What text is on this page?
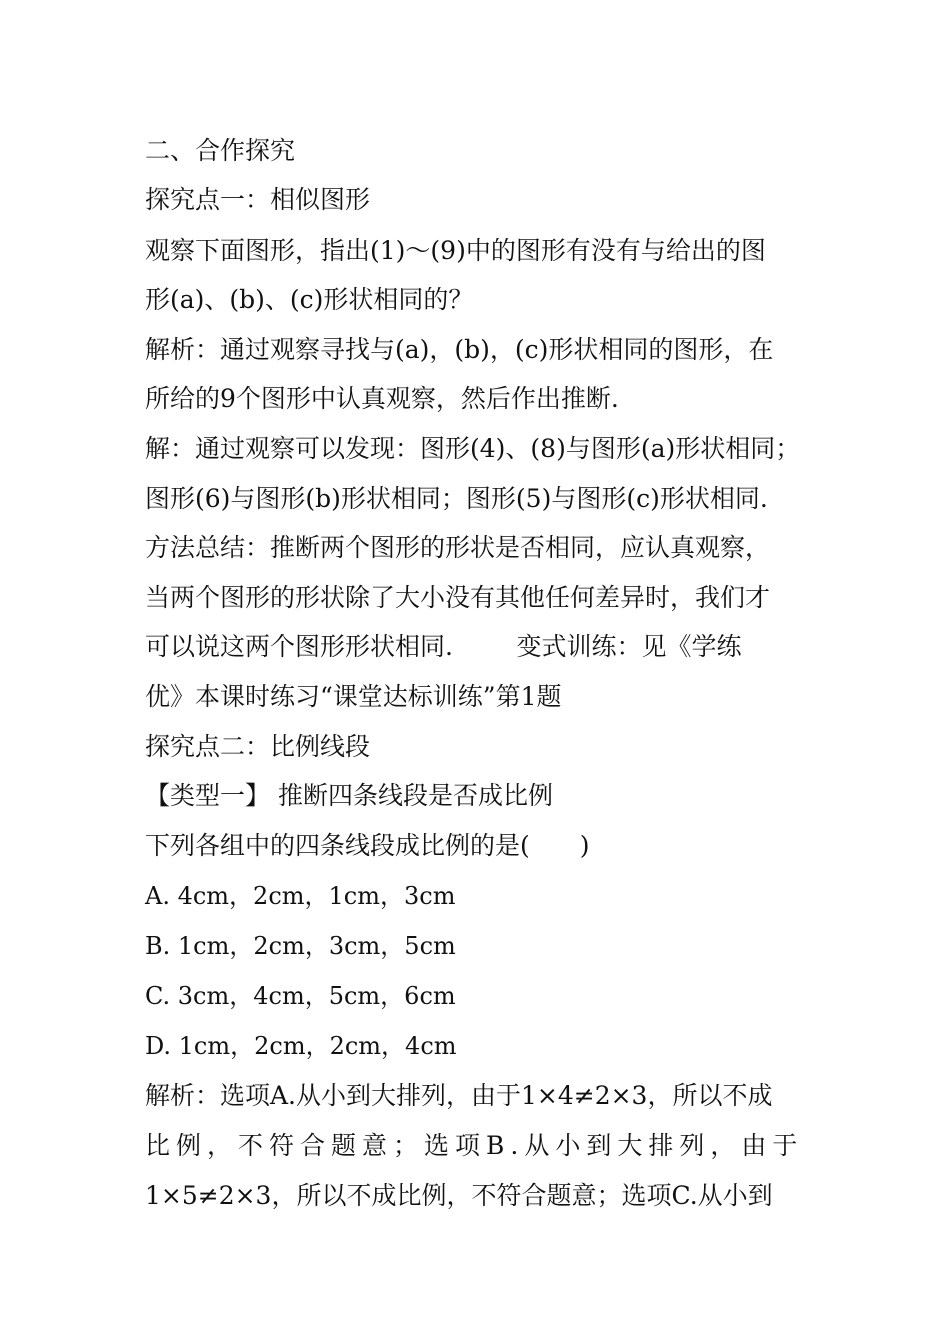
二、合作探究
探究点一：相似图形
观察下面图形，指出(1)～(9)中的图形有没有与给出的图
形(a)、(b)、(c)形状相同的？
解析：通过观察寻找与(a)，(b)，(c)形状相同的图形，在
所给的9个图形中认真观察，然后作出推断.
解：通过观察可以发现：图形(4)、(8)与图形(a)形状相同；
图形(6)与图形(b)形状相同；图形(5)与图形(c)形状相同.
方法总结：推断两个图形的形状是否相同，应认真观察，
当两个图形的形状除了大小没有其他任何差异时，我们才
可以说这两个图形形状相同.        变式训练：见《学练
优》本课时练习“课堂达标训练”第1题
探究点二：比例线段
【类型一】 推断四条线段是否成比例
下列各组中的四条线段成比例的是(　　)
A. 4cm，2cm，1cm，3cm
B. 1cm，2cm，3cm，5cm
C. 3cm，4cm，5cm，6cm
D. 1cm，2cm，2cm，4cm
解析：选项A.从小到大排列，由于1×4≠2×3，所以不成
比例，不符合题意；选项B.从小到大排列，由于
1×5≠2×3，所以不成比例，不符合题意；选项C.从小到
